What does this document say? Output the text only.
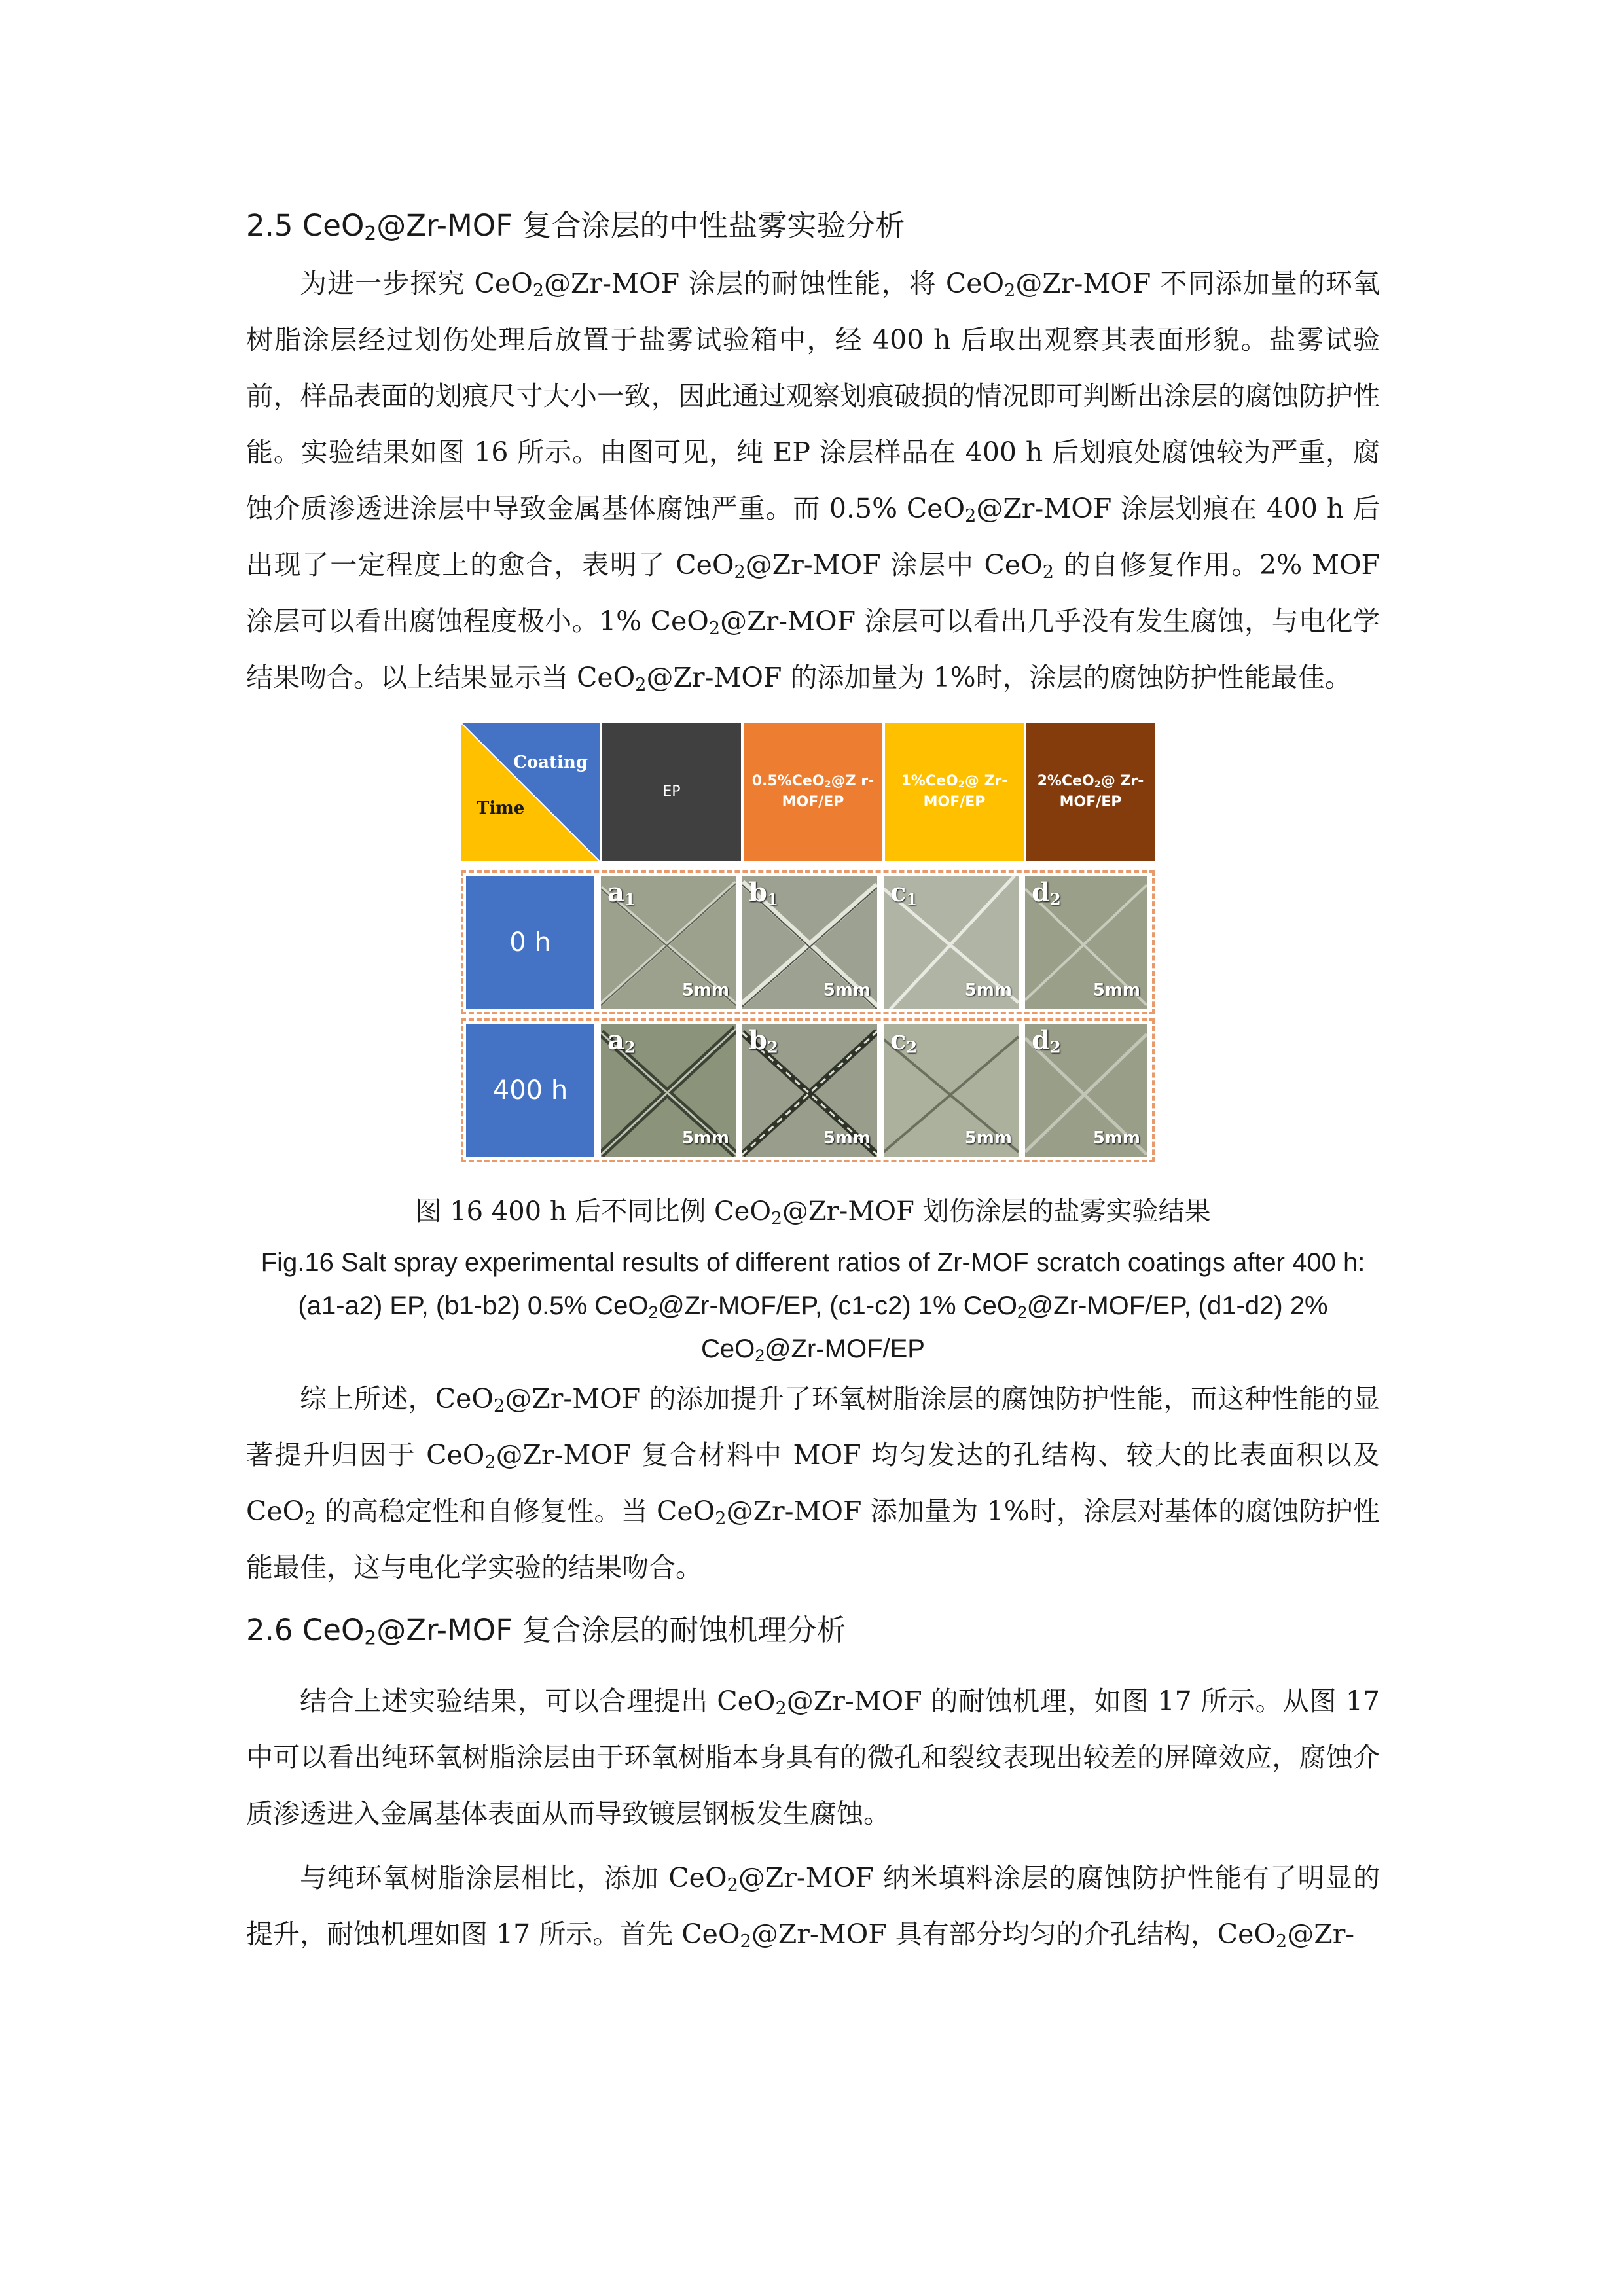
2.5 CeO$_2$@Zr-MOF 复合涂层的中性盐雾实验分析

为进一步探究 CeO$_2$@Zr-MOF 涂层的耐蚀性能，将 CeO$_2$@Zr-MOF 不同添加量的环氧树脂涂层经过划伤处理后放置于盐雾试验箱中，经 400 h 后取出观察其表面形貌。盐雾试验前，样品表面的划痕尺寸大小一致，因此通过观察划痕破损的情况即可判断出涂层的腐蚀防护性能。实验结果如图 16 所示。由图可见，纯 EP 涂层样品在 400 h 后划痕处腐蚀较为严重，腐蚀介质渗透进涂层中导致金属基体腐蚀严重。而 0.5% CeO$_2$@Zr-MOF 涂层划痕在 400 h 后出现了一定程度上的愈合，表明了 CeO$_2$@Zr-MOF 涂层中 CeO$_2$ 的自修复作用。2% MOF 涂层可以看出腐蚀程度极小。1% CeO$_2$@Zr-MOF 涂层可以看出几乎没有发生腐蚀，与电化学结果吻合。以上结果显示当 CeO$_2$@Zr-MOF 的添加量为 1%时，涂层的腐蚀防护性能最佳。

Coating
Time
EP
0.5%CeO$_2$@Z r-MOF/EP
1%CeO$_2$@ Zr-MOF/EP
2%CeO$_2$@ Zr-MOF/EP
0 h
$a_1$
5mm
$b_1$
5mm
$c_1$
5mm
$d_2$
5mm
400 h
$a_2$
5mm
$b_2$
5mm
$c_2$
5mm
$d_2$
5mm

图 16 400 h 后不同比例 CeO$_2$@Zr-MOF 划伤涂层的盐雾实验结果

Fig.16 Salt spray experimental results of different ratios of Zr-MOF scratch coatings after 400 h:

(a1-a2) EP, (b1-b2) 0.5% CeO$_2$@Zr-MOF/EP, (c1-c2) 1% CeO$_2$@Zr-MOF/EP, (d1-d2) 2%

CeO$_2$@Zr-MOF/EP

综上所述，CeO$_2$@Zr-MOF 的添加提升了环氧树脂涂层的腐蚀防护性能，而这种性能的显著提升归因于 CeO$_2$@Zr-MOF 复合材料中 MOF 均匀发达的孔结构、较大的比表面积以及 CeO$_2$ 的高稳定性和自修复性。当 CeO$_2$@Zr-MOF 添加量为 1%时，涂层对基体的腐蚀防护性能最佳，这与电化学实验的结果吻合。

2.6 CeO$_2$@Zr-MOF 复合涂层的耐蚀机理分析

结合上述实验结果，可以合理提出 CeO$_2$@Zr-MOF 的耐蚀机理，如图 17 所示。从图 17 中可以看出纯环氧树脂涂层由于环氧树脂本身具有的微孔和裂纹表现出较差的屏障效应，腐蚀介质渗透进入金属基体表面从而导致镀层钢板发生腐蚀。

与纯环氧树脂涂层相比，添加 CeO$_2$@Zr-MOF 纳米填料涂层的腐蚀防护性能有了明显的提升，耐蚀机理如图 17 所示。首先 CeO$_2$@Zr-MOF 具有部分均匀的介孔结构，CeO$_2$@Zr-
